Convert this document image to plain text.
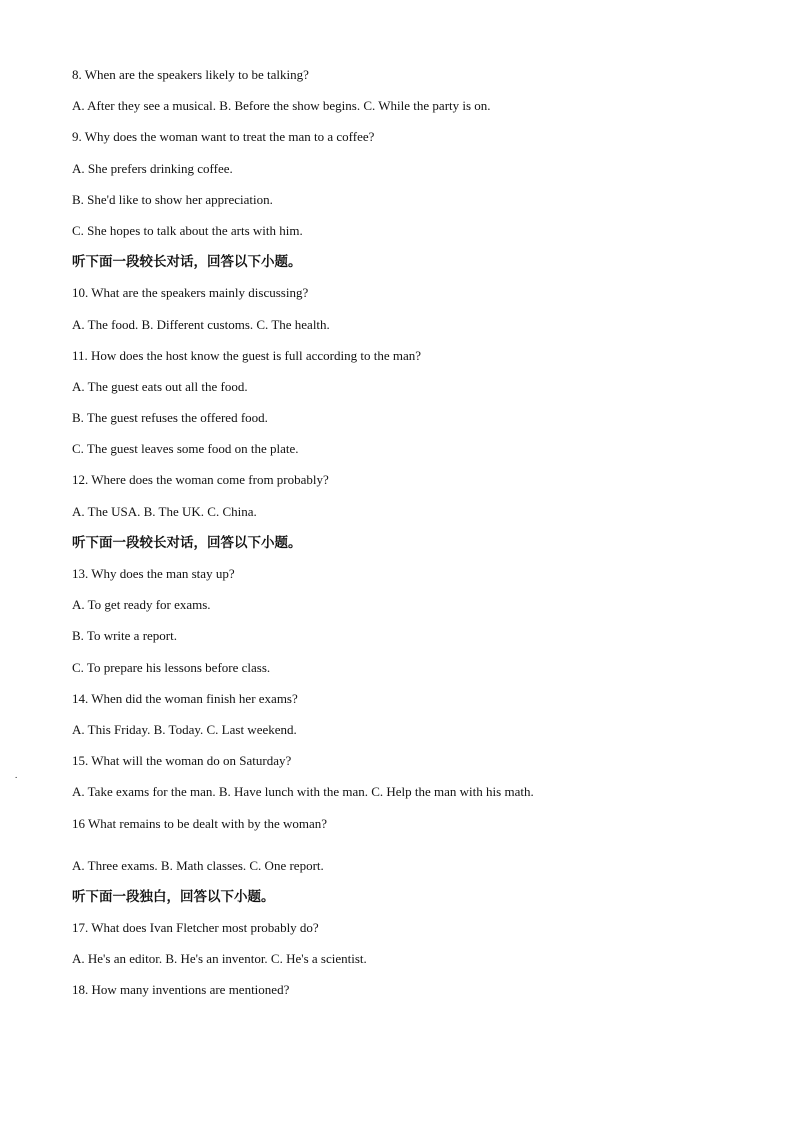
8. When are the speakers likely to be talking?
A. After they see a musical. B. Before the show begins. C. While the party is on.
9. Why does the woman want to treat the man to a coffee?
A. She prefers drinking coffee.
B. She'd like to show her appreciation.
C. She hopes to talk about the arts with him.
听下面一段较长对话，回答以下小题。
10. What are the speakers mainly discussing?
A. The food. B. Different customs. C. The health.
11. How does the host know the guest is full according to the man?
A. The guest eats out all the food.
B. The guest refuses the offered food.
C. The guest leaves some food on the plate.
12. Where does the woman come from probably?
A. The USA. B. The UK. C. China.
听下面一段较长对话，回答以下小题。
13. Why does the man stay up?
A. To get ready for exams.
B. To write a report.
C. To prepare his lessons before class.
14. When did the woman finish her exams?
A. This Friday. B. Today. C. Last weekend.
15. What will the woman do on Saturday?
A. Take exams for the man. B. Have lunch with the man. C. Help the man with his math.
16 What remains to be dealt with by the woman?
A. Three exams. B. Math classes. C. One report.
听下面一段独白，回答以下小题。
17. What does Ivan Fletcher most probably do?
A. He's an editor. B. He's an inventor. C. He's a scientist.
18. How many inventions are mentioned?
.
